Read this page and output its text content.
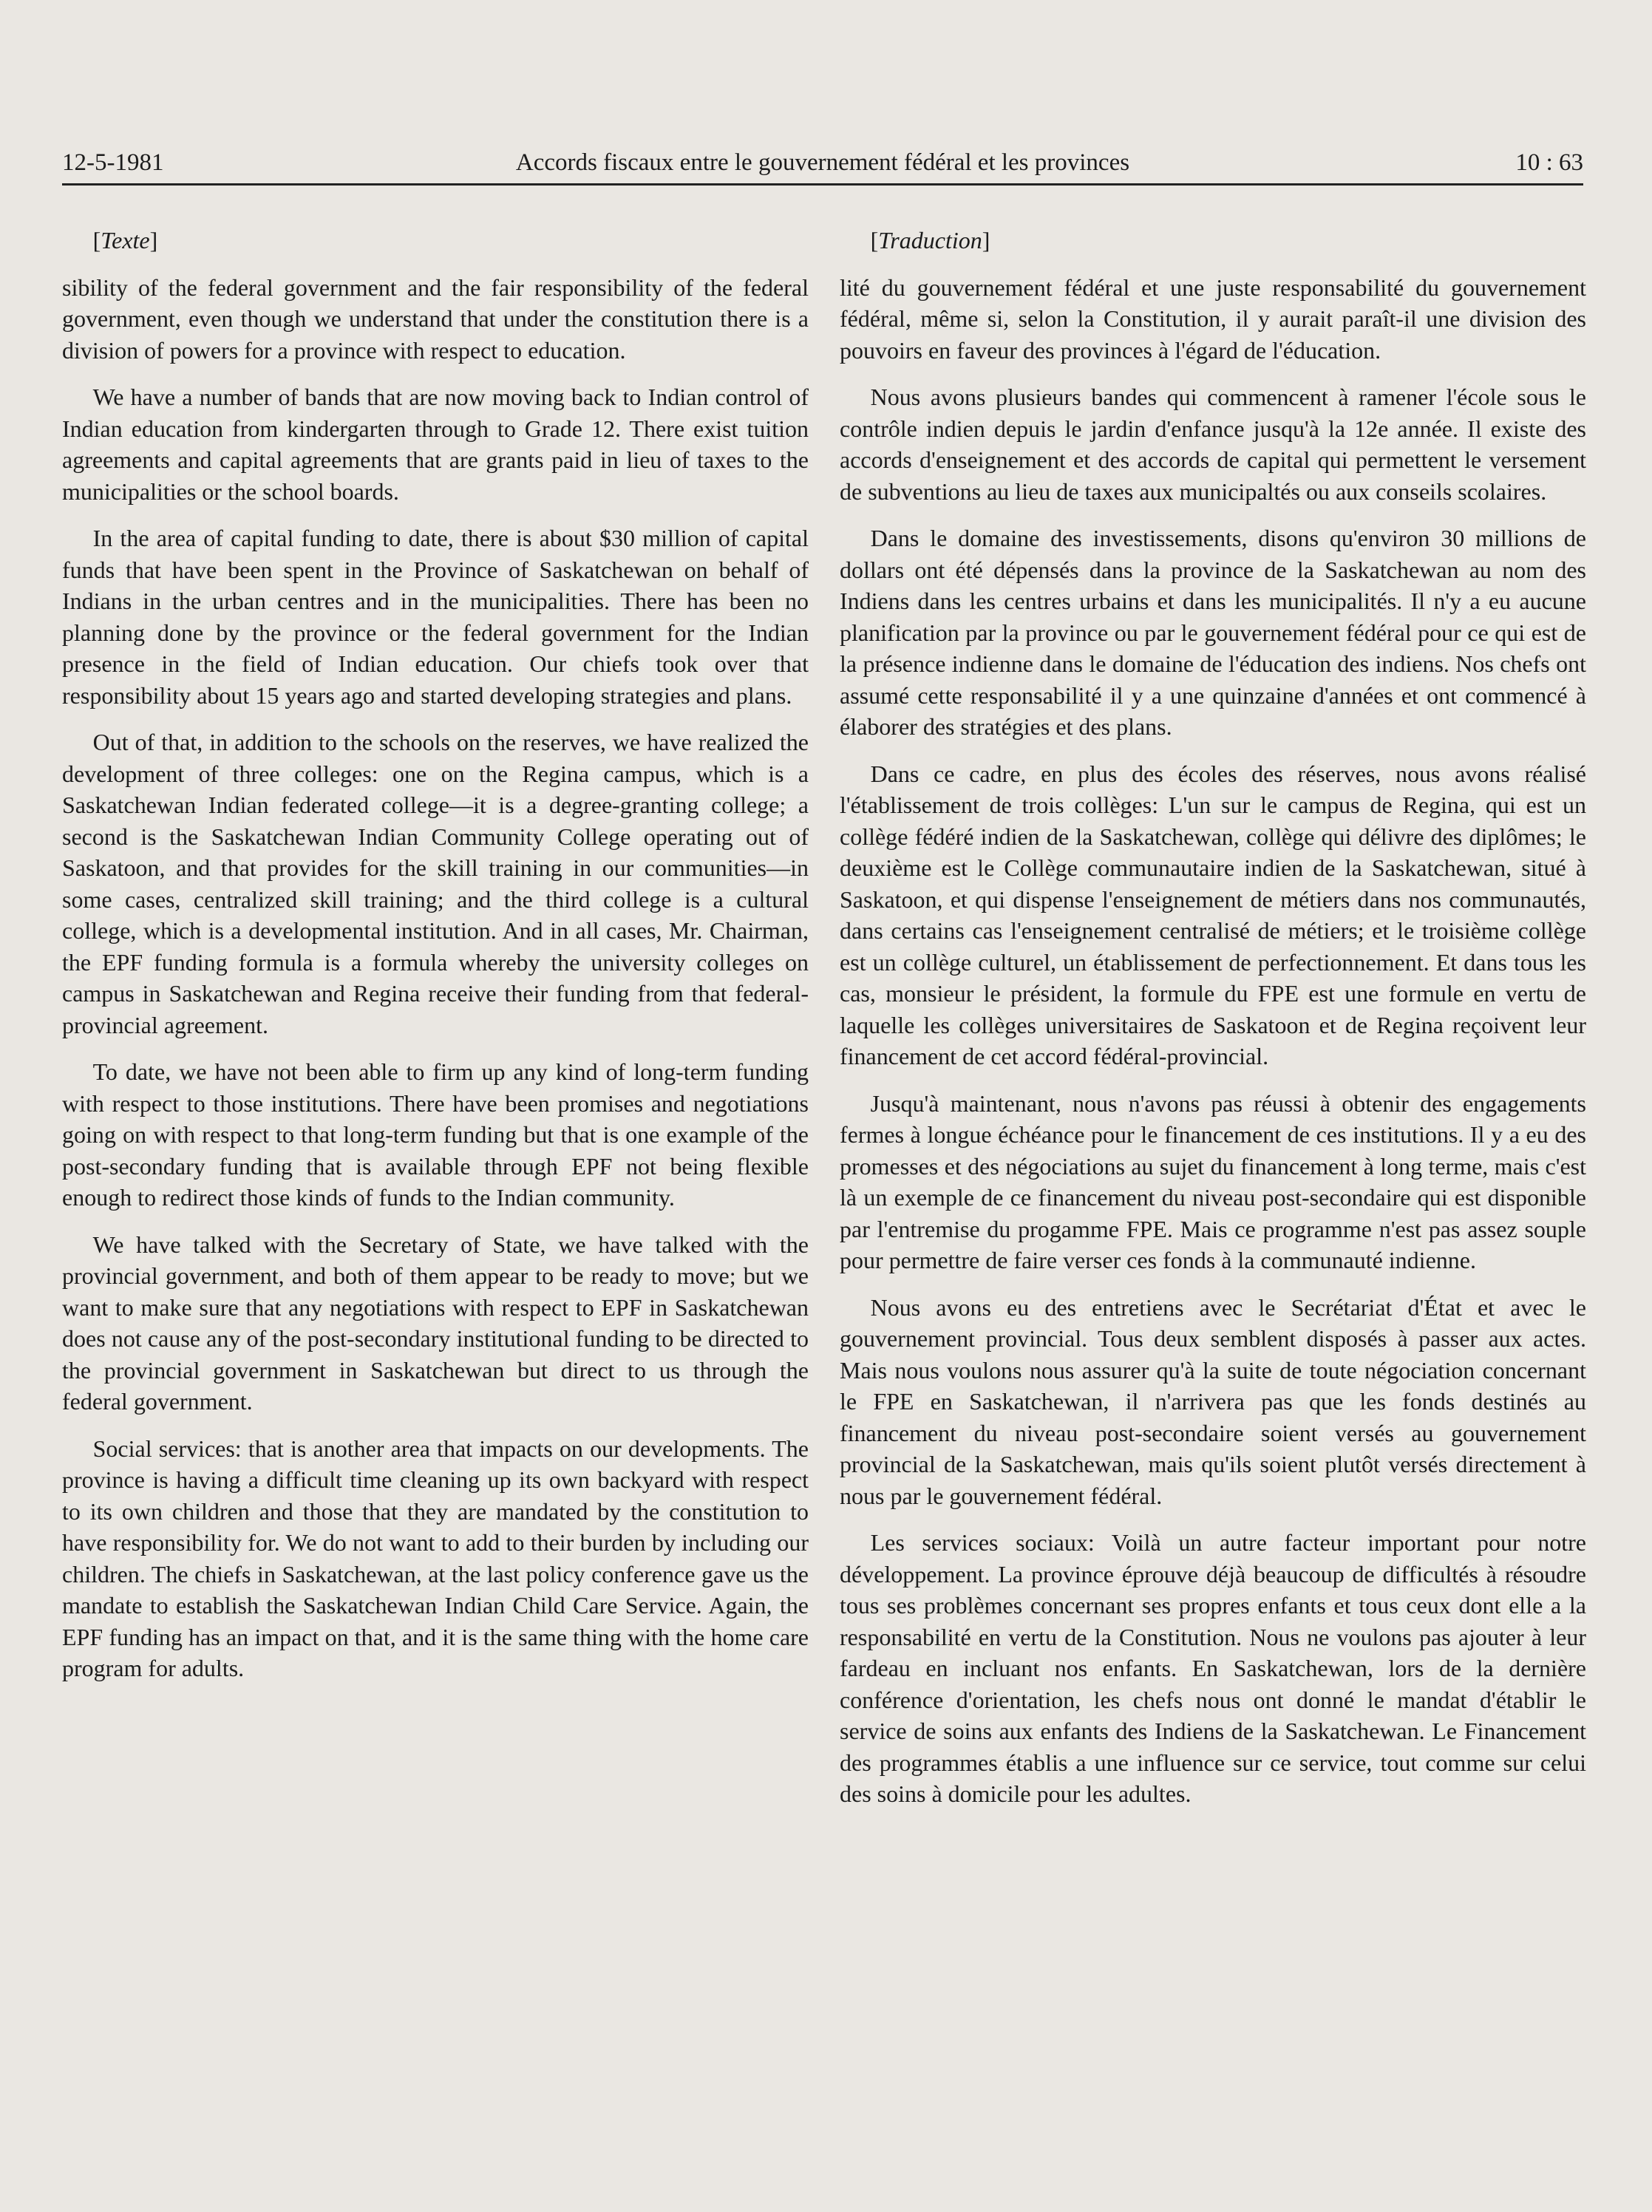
12-5-1981	Accords fiscaux entre le gouvernement fédéral et les provinces	10 : 63

[Texte]

sibility of the federal government and the fair responsibility of the federal government, even though we understand that under the constitution there is a division of powers for a province with respect to education.

We have a number of bands that are now moving back to Indian control of Indian education from kindergarten through to Grade 12. There exist tuition agreements and capital agreements that are grants paid in lieu of taxes to the municipalities or the school boards.

In the area of capital funding to date, there is about $30 million of capital funds that have been spent in the Province of Saskatchewan on behalf of Indians in the urban centres and in the municipalities. There has been no planning done by the province or the federal government for the Indian presence in the field of Indian education. Our chiefs took over that responsibility about 15 years ago and started developing strategies and plans.

Out of that, in addition to the schools on the reserves, we have realized the development of three colleges: one on the Regina campus, which is a Saskatchewan Indian federated college—it is a degree-granting college; a second is the Saskatchewan Indian Community College operating out of Saskatoon, and that provides for the skill training in our communities—in some cases, centralized skill training; and the third college is a cultural college, which is a developmental institution. And in all cases, Mr. Chairman, the EPF funding formula is a formula whereby the university colleges on campus in Saskatchewan and Regina receive their funding from that federal-provincial agreement.

To date, we have not been able to firm up any kind of long-term funding with respect to those institutions. There have been promises and negotiations going on with respect to that long-term funding but that is one example of the post-secondary funding that is available through EPF not being flexible enough to redirect those kinds of funds to the Indian community.

We have talked with the Secretary of State, we have talked with the provincial government, and both of them appear to be ready to move; but we want to make sure that any negotiations with respect to EPF in Saskatchewan does not cause any of the post-secondary institutional funding to be directed to the provincial government in Saskatchewan but direct to us through the federal government.

Social services: that is another area that impacts on our developments. The province is having a difficult time cleaning up its own backyard with respect to its own children and those that they are mandated by the constitution to have responsibility for. We do not want to add to their burden by including our children. The chiefs in Saskatchewan, at the last policy conference gave us the mandate to establish the Saskatchewan Indian Child Care Service. Again, the EPF funding has an impact on that, and it is the same thing with the home care program for adults.

[Traduction]

lité du gouvernement fédéral et une juste responsabilité du gouvernement fédéral, même si, selon la Constitution, il y aurait paraît-il une division des pouvoirs en faveur des provinces à l'égard de l'éducation.

Nous avons plusieurs bandes qui commencent à ramener l'école sous le contrôle indien depuis le jardin d'enfance jusqu'à la 12e année. Il existe des accords d'enseignement et des accords de capital qui permettent le versement de subventions au lieu de taxes aux municipaltés ou aux conseils scolaires.

Dans le domaine des investissements, disons qu'environ 30 millions de dollars ont été dépensés dans la province de la Saskatchewan au nom des Indiens dans les centres urbains et dans les municipalités. Il n'y a eu aucune planification par la province ou par le gouvernement fédéral pour ce qui est de la présence indienne dans le domaine de l'éducation des indiens. Nos chefs ont assumé cette responsabilité il y a une quinzaine d'années et ont commencé à élaborer des stratégies et des plans.

Dans ce cadre, en plus des écoles des réserves, nous avons réalisé l'établissement de trois collèges: L'un sur le campus de Regina, qui est un collège fédéré indien de la Saskatchewan, collège qui délivre des diplômes; le deuxième est le Collège communautaire indien de la Saskatchewan, situé à Saskatoon, et qui dispense l'enseignement de métiers dans nos communautés, dans certains cas l'enseignement centralisé de métiers; et le troisième collège est un collège culturel, un établissement de perfectionnement. Et dans tous les cas, monsieur le président, la formule du FPE est une formule en vertu de laquelle les collèges universitaires de Saskatoon et de Regina reçoivent leur financement de cet accord fédéral-provincial.

Jusqu'à maintenant, nous n'avons pas réussi à obtenir des engagements fermes à longue échéance pour le financement de ces institutions. Il y a eu des promesses et des négociations au sujet du financement à long terme, mais c'est là un exemple de ce financement du niveau post-secondaire qui est disponible par l'entremise du progamme FPE. Mais ce programme n'est pas assez souple pour permettre de faire verser ces fonds à la communauté indienne.

Nous avons eu des entretiens avec le Secrétariat d'État et avec le gouvernement provincial. Tous deux semblent disposés à passer aux actes. Mais nous voulons nous assurer qu'à la suite de toute négociation concernant le FPE en Saskatchewan, il n'arrivera pas que les fonds destinés au financement du niveau post-secondaire soient versés au gouvernement provincial de la Saskatchewan, mais qu'ils soient plutôt versés directement à nous par le gouvernement fédéral.

Les services sociaux: Voilà un autre facteur important pour notre développement. La province éprouve déjà beaucoup de difficultés à résoudre tous ses problèmes concernant ses propres enfants et tous ceux dont elle a la responsabilité en vertu de la Constitution. Nous ne voulons pas ajouter à leur fardeau en incluant nos enfants. En Saskatchewan, lors de la dernière conférence d'orientation, les chefs nous ont donné le mandat d'établir le service de soins aux enfants des Indiens de la Saskatchewan. Le Financement des programmes établis a une influence sur ce service, tout comme sur celui des soins à domicile pour les adultes.
